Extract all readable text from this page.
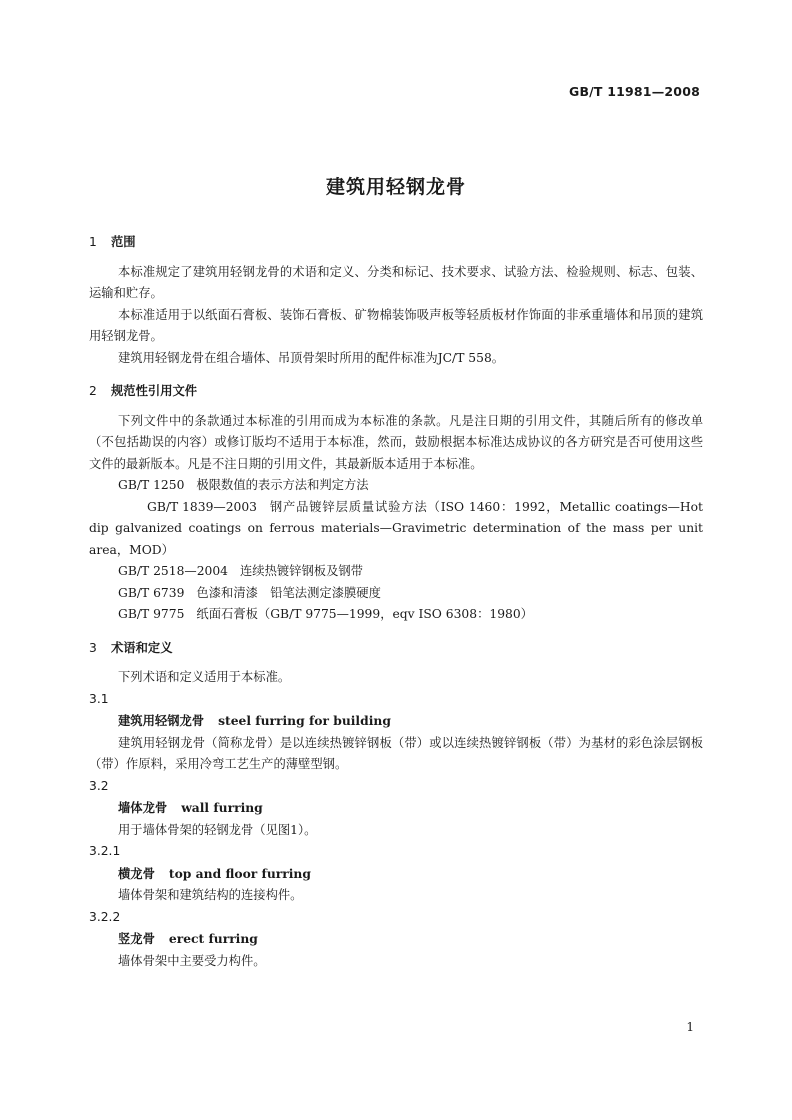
GB/T 11981—2008
建筑用轻钢龙骨

1 范围

本标准规定了建筑用轻钢龙骨的术语和定义、分类和标记、技术要求、试验方法、检验规则、标志、包装、运输和贮存。

本标准适用于以纸面石膏板、装饰石膏板、矿物棉装饰吸声板等轻质板材作饰面的非承重墙体和吊顶的建筑用轻钢龙骨。

建筑用轻钢龙骨在组合墙体、吊顶骨架时所用的配件标准为JC/T 558。

2 规范性引用文件

下列文件中的条款通过本标准的引用而成为本标准的条款。凡是注日期的引用文件，其随后所有的修改单（不包括勘误的内容）或修订版均不适用于本标准，然而，鼓励根据本标准达成协议的各方研究是否可使用这些文件的最新版本。凡是不注日期的引用文件，其最新版本适用于本标准。

GB/T 1250 极限数值的表示方法和判定方法

GB/T 1839—2003 钢产品镀锌层质量试验方法（ISO 1460：1992，Metallic coatings—Hot dip galvanized coatings on ferrous materials—Gravimetric determination of the mass per unit area，MOD）

GB/T 2518—2004 连续热镀锌钢板及钢带

GB/T 6739 色漆和清漆　铅笔法测定漆膜硬度

GB/T 9775 纸面石膏板（GB/T 9775—1999，eqv ISO 6308：1980）

3 术语和定义

下列术语和定义适用于本标准。

3.1

建筑用轻钢龙骨 steel furring for building

建筑用轻钢龙骨（简称龙骨）是以连续热镀锌钢板（带）或以连续热镀锌钢板（带）为基材的彩色涂层钢板（带）作原料，采用冷弯工艺生产的薄壁型钢。

3.2

墙体龙骨 wall furring

用于墙体骨架的轻钢龙骨（见图1）。

3.2.1

横龙骨 top and floor furring

墙体骨架和建筑结构的连接构件。

3.2.2

竖龙骨 erect furring

墙体骨架中主要受力构件。

1
